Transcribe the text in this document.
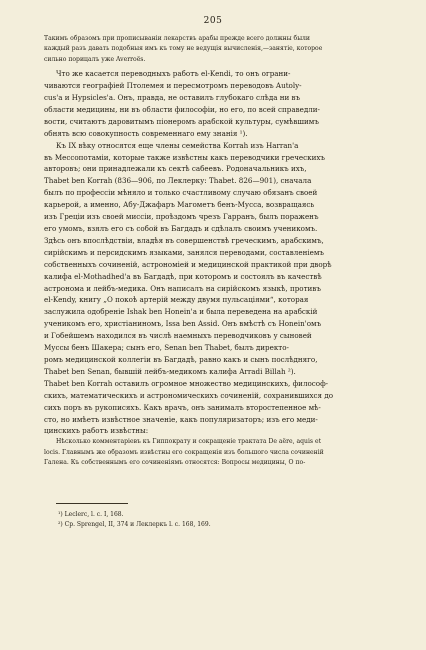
205

Такимъ образомъ при прописываніи лекарствъ арабы прежде всего должны были

каждый разъ давать подобныя имъ къ тому не ведущія вычисленія,—занятіе, которое

сильно порицалъ уже Averroës.

Что же касается переводныхъ работъ el-Kendi, то онъ ограни-

чиваются географіей Птолемея и пересмотромъ переводовъ Autoly-

cus'а и Hypsicles'а. Онъ, правда, не оставилъ глубокаго слѣда ни въ

области медицины, ни въ области философіи, но его, по всей справедли-

вости, считаютъ даровитымъ піонеромъ арабской культуры, сумѣвшимъ

обнять всю совокупность современнаго ему знанія ¹).

Къ IX вѣку относятся еще члены семейства Korrah изъ Harran'а

въ Мессопотаміи, которые также извѣстны какъ переводчики греческихъ

авторовъ; они принадлежали къ сектѣ сабеевъ. Родоначальникъ ихъ,

Thabet ben Korrah (836—906, по Леклерку: Thabet. 826—901), сначала

былъ по профессіи мѣняло и только счастливому случаю обязанъ своей

карьерой, а именно, Абу-Джафаръ Магометъ бенъ-Мусса, возвращаясь

изъ Греціи изъ своей миссіи, проѣздомъ чрезъ Гарранъ, былъ пораженъ

его умомъ, взялъ его съ собой въ Багдадъ и сдѣлалъ своимъ ученикомъ.

Здѣсь онъ впослѣдствіи, владѣя въ совершенствѣ греческимъ, арабскимъ,

сирійскимъ и персидскимъ языками, занялся переводами, составленіемъ

собственныхъ сочиненій, астрономіей и медицинской практикой при дворѣ

калифа el-Mothadhed'а въ Багдадѣ, при которомъ и состоялъ въ качествѣ

астронома и лейбъ-медика. Онъ написалъ на сирійскомъ языкѣ, противъ

el-Kendy, книгу „О покоѣ артерій между двумя пульсаціями“, которая

заслужила одобреніе Ishak ben Honein'а и была переведена на арабскій

ученикомъ его, христіаниномъ, Issa ben Assid. Онъ вмѣстѣ съ Honein'омъ

и Гобейшемъ находился въ числѣ наемныхъ переводчиковъ у сыновей

Муссы бенъ Шакера; сынъ его, Senan ben Thabet, былъ директо-

ромъ медицинской коллегіи въ Багдадѣ, равно какъ и сынъ послѣдняго,

Thabet ben Senan, бывшій лейбъ-медикомъ калифа Arradi Billah ²).

Thabet ben Korrah оставилъ огромное множество медицинскихъ, философ-

скихъ, математическихъ и астрономическихъ сочиненій, сохранившихся до

сихъ поръ въ рукописяхъ. Какъ врачъ, онъ занималъ второстепенное мѣ-

сто, но имѣетъ извѣстное значеніе, какъ популяризаторъ; изъ его меди-

цинскихъ работъ извѣстны:

Нѣсколько комментаріевъ къ Гиппократу и сокращеніе трактата De aëre, aquis et

locis. Главнымъ же образомъ извѣстны его сокращенія изъ большого числа сочиненій

Галена. Къ собственнымъ его сочиненіямъ относятся: Вопросы медицины, О по-

¹) Leclerc, l. c. I, 168.

²) Cp. Sprengel, II, 374 и Леклеркъ l. c. 168, 169.
